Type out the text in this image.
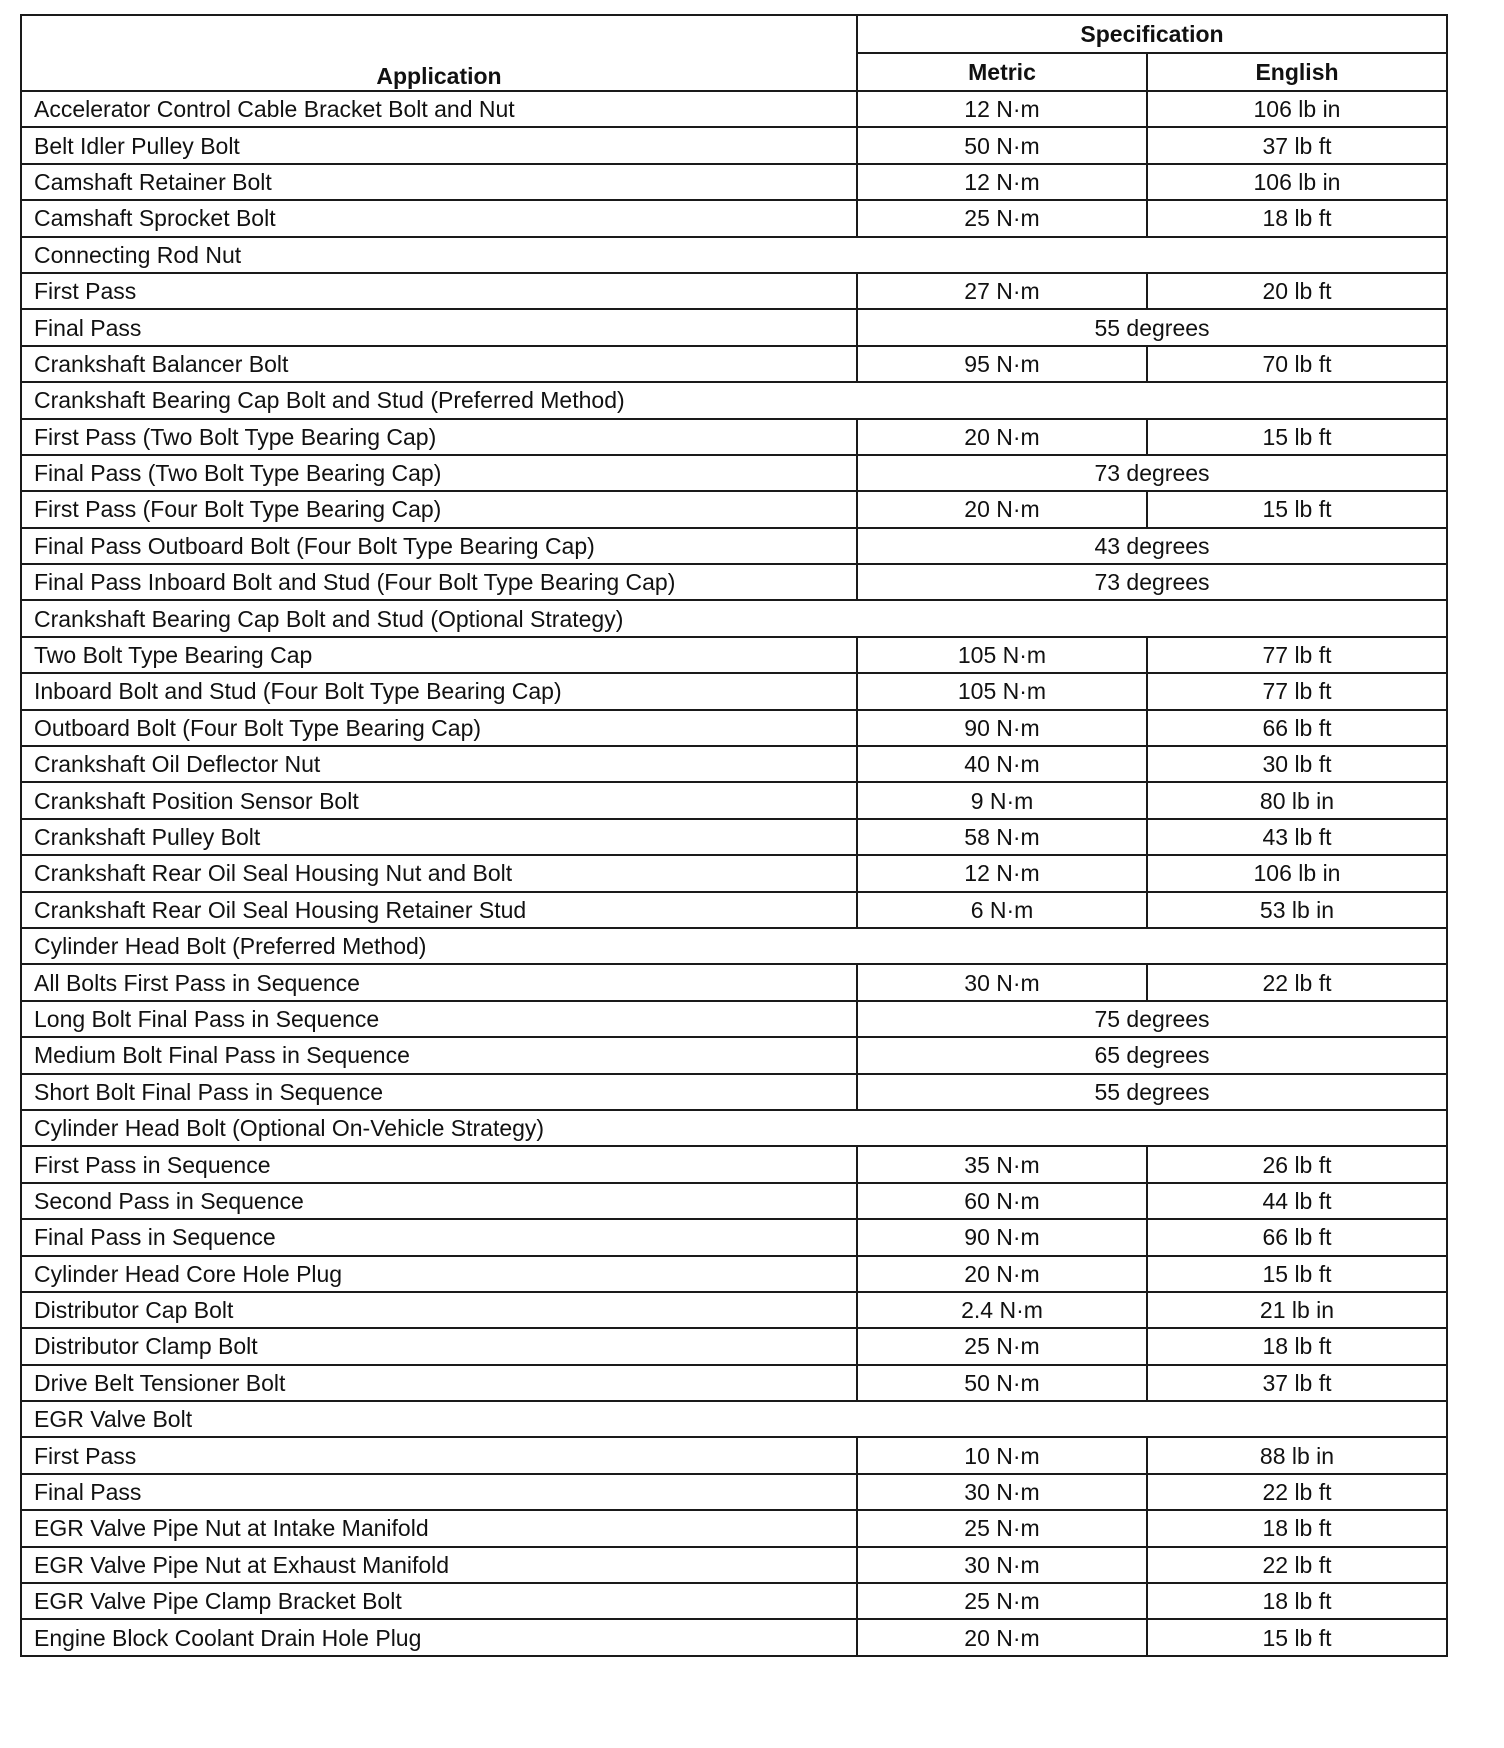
Application	Specification	
	Metric	English
Accelerator Control Cable Bracket Bolt and Nut	12 N·m	106 lb in
Belt Idler Pulley Bolt	50 N·m	37 lb ft
Camshaft Retainer Bolt	12 N·m	106 lb in
Camshaft Sprocket Bolt	25 N·m	18 lb ft
Connecting Rod Nut		
First Pass	27 N·m	20 lb ft
Final Pass	55 degrees	
Crankshaft Balancer Bolt	95 N·m	70 lb ft
Crankshaft Bearing Cap Bolt and Stud (Preferred Method)		
First Pass (Two Bolt Type Bearing Cap)	20 N·m	15 lb ft
Final Pass (Two Bolt Type Bearing Cap)	73 degrees	
First Pass (Four Bolt Type Bearing Cap)	20 N·m	15 lb ft
Final Pass Outboard Bolt (Four Bolt Type Bearing Cap)	43 degrees	
Final Pass Inboard Bolt and Stud (Four Bolt Type Bearing Cap)	73 degrees	
Crankshaft Bearing Cap Bolt and Stud (Optional Strategy)		
Two Bolt Type Bearing Cap	105 N·m	77 lb ft
Inboard Bolt and Stud (Four Bolt Type Bearing Cap)	105 N·m	77 lb ft
Outboard Bolt (Four Bolt Type Bearing Cap)	90 N·m	66 lb ft
Crankshaft Oil Deflector Nut	40 N·m	30 lb ft
Crankshaft Position Sensor Bolt	9 N·m	80 lb in
Crankshaft Pulley Bolt	58 N·m	43 lb ft
Crankshaft Rear Oil Seal Housing Nut and Bolt	12 N·m	106 lb in
Crankshaft Rear Oil Seal Housing Retainer Stud	6 N·m	53 lb in
Cylinder Head Bolt (Preferred Method)		
All Bolts First Pass in Sequence	30 N·m	22 lb ft
Long Bolt Final Pass in Sequence	75 degrees	
Medium Bolt Final Pass in Sequence	65 degrees	
Short Bolt Final Pass in Sequence	55 degrees	
Cylinder Head Bolt (Optional On-Vehicle Strategy)		
First Pass in Sequence	35 N·m	26 lb ft
Second Pass in Sequence	60 N·m	44 lb ft
Final Pass in Sequence	90 N·m	66 lb ft
Cylinder Head Core Hole Plug	20 N·m	15 lb ft
Distributor Cap Bolt	2.4 N·m	21 lb in
Distributor Clamp Bolt	25 N·m	18 lb ft
Drive Belt Tensioner Bolt	50 N·m	37 lb ft
EGR Valve Bolt		
First Pass	10 N·m	88 lb in
Final Pass	30 N·m	22 lb ft
EGR Valve Pipe Nut at Intake Manifold	25 N·m	18 lb ft
EGR Valve Pipe Nut at Exhaust Manifold	30 N·m	22 lb ft
EGR Valve Pipe Clamp Bracket Bolt	25 N·m	18 lb ft
Engine Block Coolant Drain Hole Plug	20 N·m	15 lb ft
